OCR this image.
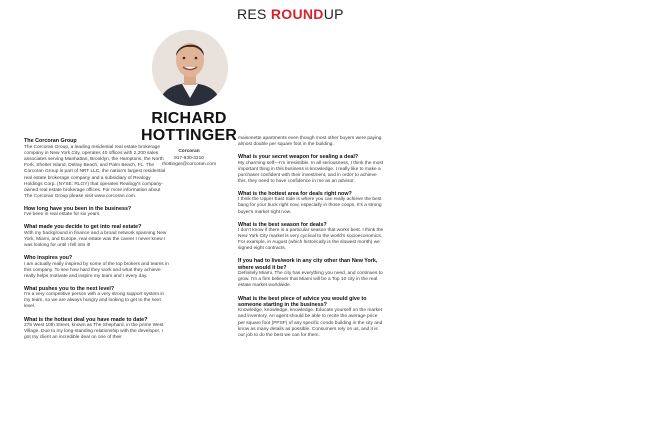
RES ROUNDUP
RICHARD
HOTTINGER
Corcoran
917-930-4210
rhottinger@corcoran.com
The Corcoran Group

The Corcoran Group, a leading residential real estate brokerage company in New York City, operates 40 offices with 2,200 sales associates serving Manhattan, Brooklyn, the Hamptons, the North Fork, Shelter Island, Delray Beach, and Palm Beach, FL. The Corcoran Group is part of NRT LLC, the nation's largest residential real estate brokerage company and a subsidiary of Realogy Holdings Corp. (NYSE: RLGY) that operates Realogy's company-owned real estate brokerage offices. For more information about The Corcoran Group please visit www.corcoran.com.

How long have you been in the business?

I've been in real estate for six years.

What made you decide to get into real estate?

With my background in finance and a broad network spanning New York, Miami, and Europe, real estate was the career I never knew I was looking for until I fell into it!

Who inspires you?

I am actually really inspired by some of the top brokers and teams in this company. To see how hard they work and what they achieve really helps motivate and inspire my team and I every day.

What pushes you to the next level?

I'm a very competitive person with a very strong support system in my team, so we are always hungry and looking to get to the next level.

What is the hottest deal you have made to date?

275 West 10th Street, known as The Shephard, in the prime West Village. Due to my long-standing relationship with the developer, I got my client an incredible deal on one of their

maisonette apartments even though most other buyers were paying almost double per square foot in the building.

What is your secret weapon for sealing a deal?

My charming self—I'm irresistible. In all seriousness, I think the most important thing in this business is knowledge. I really like to make a purchaser confident with their investment, and in order to achieve this, they need to have confidence in me as an advisor.

What is the hottest area for deals right now?

I think the Upper East Side is where you can really achieve the best bang for your buck right now, especially in those coops. It's a strong buyer's market right now.

What is the best season for deals?

I don't know if there is a particular season that works best. I think the New York City market is very cyclical to the world's socioeconomics. For example, in August (which historically is the slowest month) we signed eight contracts.

If you had to live/work in any city other than New York, where would it be?

Definitely Miami. The city has everything you need, and continues to grow. I'm a firm believer that Miami will be a Top 10 city in the real estate market worldwide.

What is the best piece of advice you would give to someone starting in the business?

Knowledge, knowledge, knowledge. Educate yourself on the market and inventory. An agent should be able to recite the average price per square foot (PPSF) of any specific condo building in the city and know as many details as possible. Consumers rely on us, and it is our job to do the best we can for them.
